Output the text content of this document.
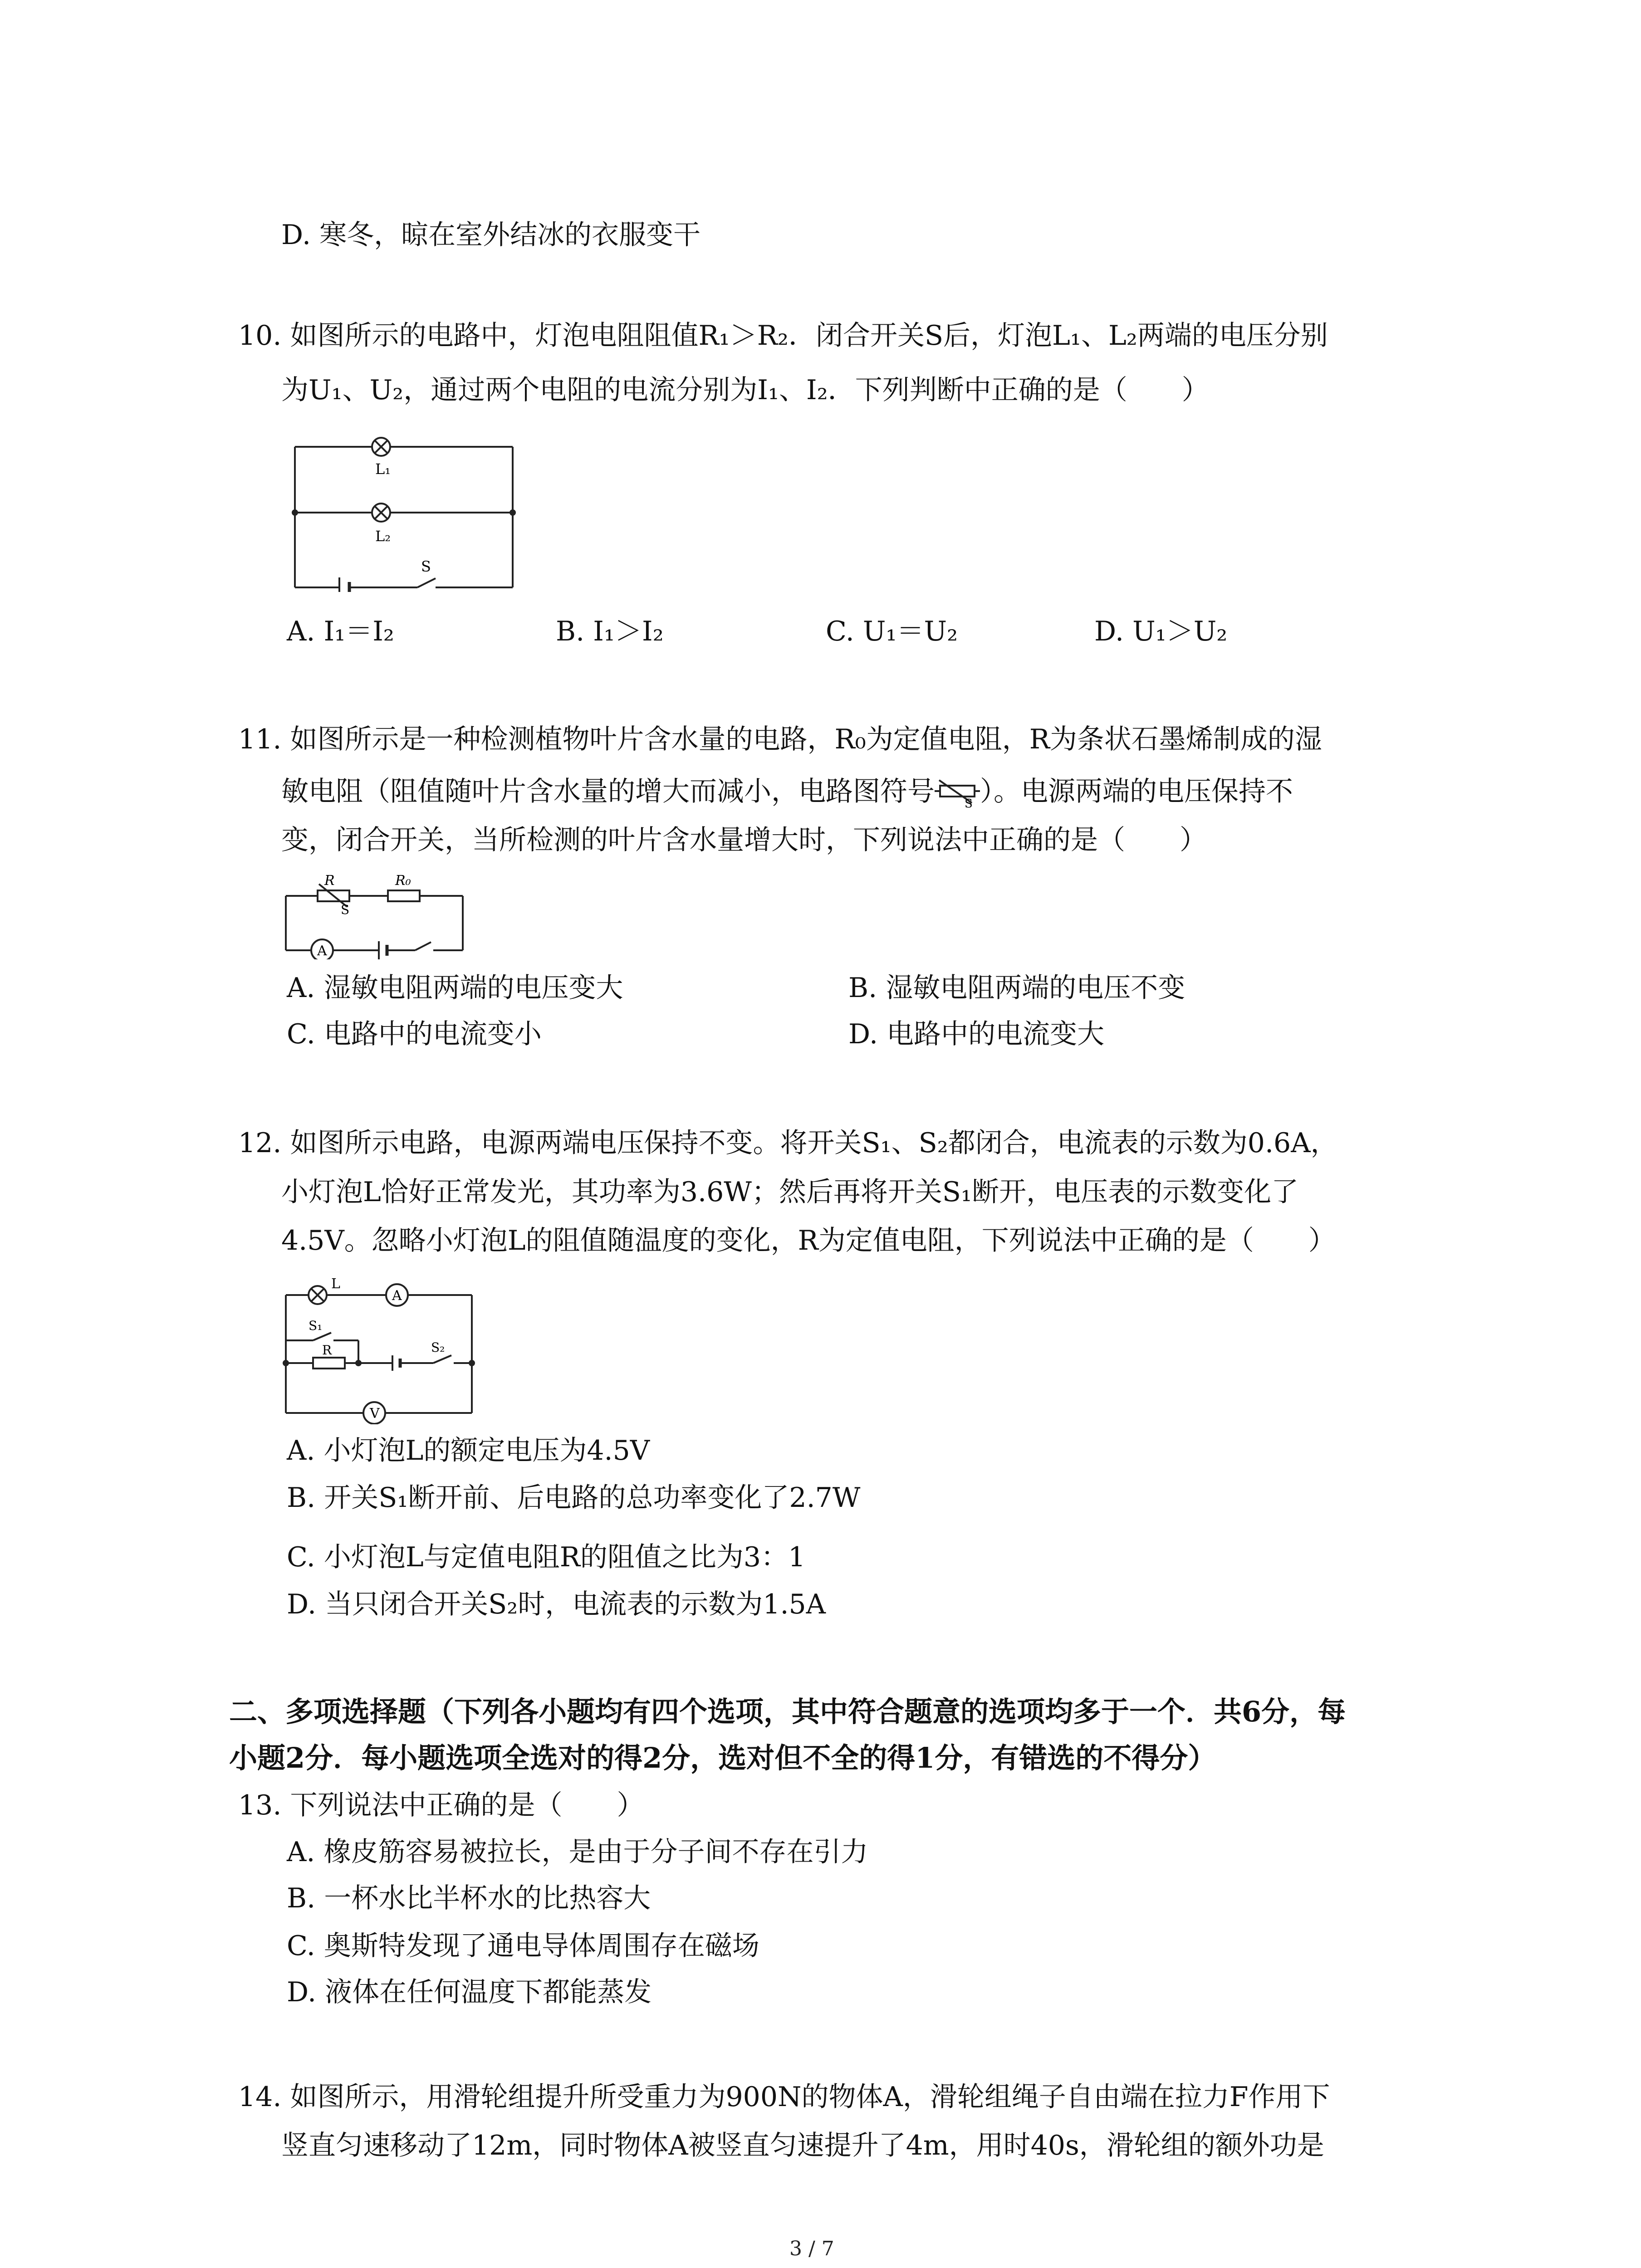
D. 寒冬，晾在室外结冰的衣服变干
10. 如图所示的电路中，灯泡电阻阻值R₁＞R₂．闭合开关S后，灯泡L₁、L₂两端的电压分别
为U₁、U₂，通过两个电阻的电流分别为I₁、I₂．下列判断中正确的是（　　）
L₁
L₂
S
A. I₁＝I₂	B. I₁＞I₂	C. U₁＝U₂	D. U₁＞U₂
11. 如图所示是一种检测植物叶片含水量的电路，R₀为定值电阻，R为条状石墨烯制成的湿
敏电阻（阻值随叶片含水量的增大而减小，电路图符号	S ）。电源两端的电压保持不
变，闭合开关，当所检测的叶片含水量增大时，下列说法中正确的是（　　）
R	R₀
S
A
A. 湿敏电阻两端的电压变大	B. 湿敏电阻两端的电压不变
C. 电路中的电流变小	D. 电路中的电流变大
12. 如图所示电路，电源两端电压保持不变。将开关S₁、S₂都闭合，电流表的示数为0.6A，
小灯泡L恰好正常发光，其功率为3.6W；然后再将开关S₁断开，电压表的示数变化了
4.5V。忽略小灯泡L的阻值随温度的变化，R为定值电阻，下列说法中正确的是（　　）
L
A
S₁
R	S₂
V
A. 小灯泡L的额定电压为4.5V
B. 开关S₁断开前、后电路的总功率变化了2.7W
C. 小灯泡L与定值电阻R的阻值之比为3：1
D. 当只闭合开关S₂时，电流表的示数为1.5A
二、多项选择题（下列各小题均有四个选项，其中符合题意的选项均多于一个．共6分，每
小题2分．每小题选项全选对的得2分，选对但不全的得1分，有错选的不得分）
13. 下列说法中正确的是（　　）
A. 橡皮筋容易被拉长，是由于分子间不存在引力
B. 一杯水比半杯水的比热容大
C. 奥斯特发现了通电导体周围存在磁场
D. 液体在任何温度下都能蒸发
14. 如图所示，用滑轮组提升所受重力为900N的物体A，滑轮组绳子自由端在拉力F作用下
竖直匀速移动了12m，同时物体A被竖直匀速提升了4m，用时40s，滑轮组的额外功是
3 / 7
